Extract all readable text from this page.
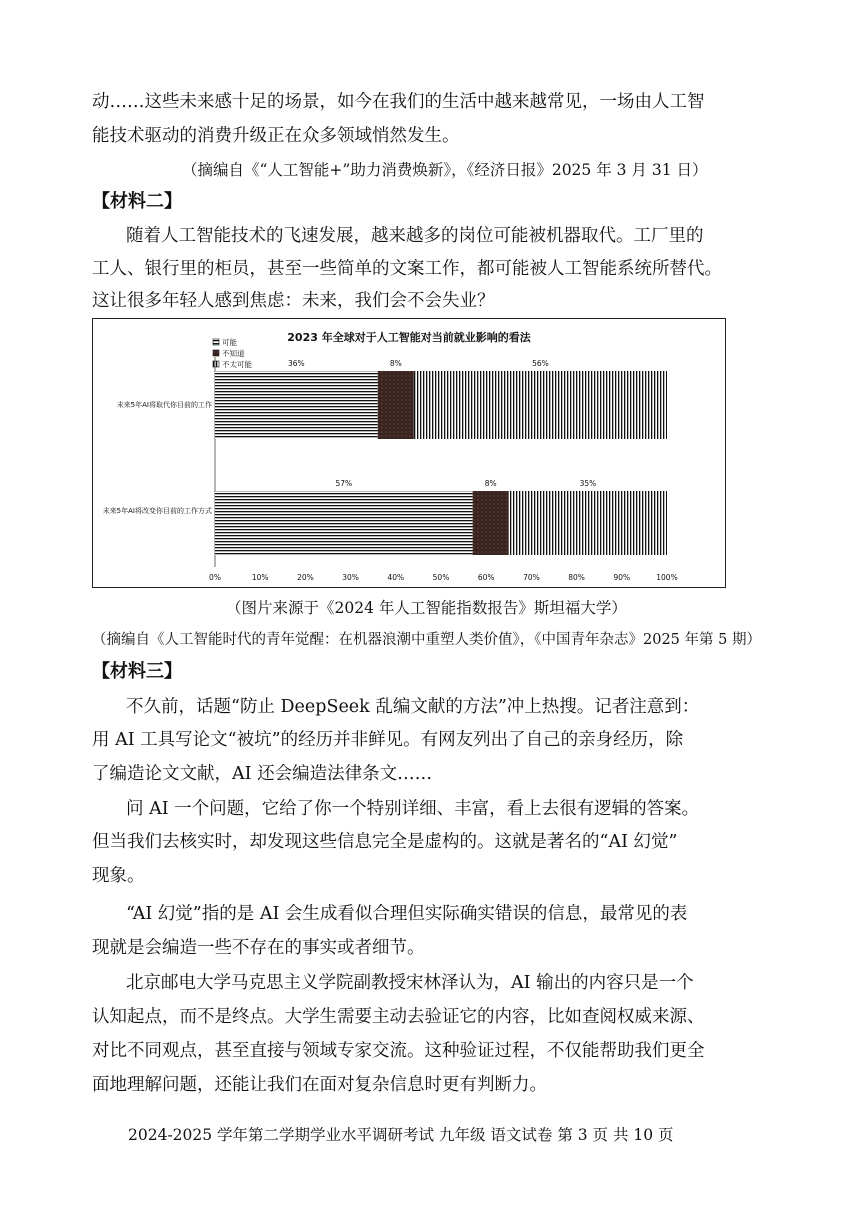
动……这些未来感十足的场景，如今在我们的生活中越来越常见，一场由人工智
能技术驱动的消费升级正在众多领域悄然发生。
（摘编自《“人工智能+”助力消费焕新》，《经济日报》2025 年 3 月 31 日）
【材料二】
随着人工智能技术的飞速发展，越来越多的岗位可能被机器取代。工厂里的
工人、银行里的柜员，甚至一些简单的文案工作，都可能被人工智能系统所替代。
这让很多年轻人感到焦虑：未来，我们会不会失业？
2023 年全球对于人工智能对当前就业影响的看法
可能
不知道
不太可能	36%	8%	56%
未来5年AI将取代你目前的工作
57%	8%	35%
未来5年AI将改变你目前的工作方式
0%	10%	20%	30%	40%	50%	60%	70%	80%	90%	100%
（图片来源于《2024 年人工智能指数报告》斯坦福大学）
（摘编自《人工智能时代的青年觉醒：在机器浪潮中重塑人类价值》，《中国青年杂志》2025 年第 5 期）
【材料三】
不久前，话题“防止 DeepSeek 乱编文献的方法”冲上热搜。记者注意到：
用 AI 工具写论文“被坑”的经历并非鲜见。有网友列出了自己的亲身经历，除
了编造论文文献，AI 还会编造法律条文……
问 AI 一个问题，它给了你一个特别详细、丰富，看上去很有逻辑的答案。
但当我们去核实时，却发现这些信息完全是虚构的。这就是著名的“AI 幻觉”
现象。
“AI 幻觉”指的是 AI 会生成看似合理但实际确实错误的信息，最常见的表
现就是会编造一些不存在的事实或者细节。
北京邮电大学马克思主义学院副教授宋林泽认为，AI 输出的内容只是一个
认知起点，而不是终点。大学生需要主动去验证它的内容，比如查阅权威来源、
对比不同观点，甚至直接与领域专家交流。这种验证过程，不仅能帮助我们更全
面地理解问题，还能让我们在面对复杂信息时更有判断力。
2024-2025 学年第二学期学业水平调研考试 九年级 语文试卷 第 3 页 共 10 页
